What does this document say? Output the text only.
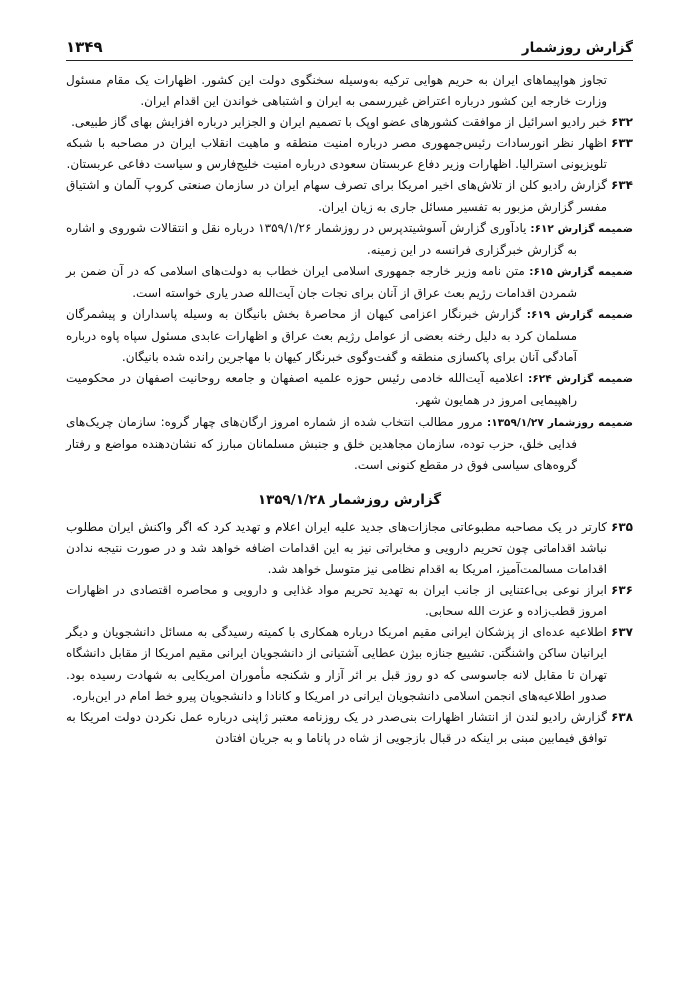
گزارش روزشمار
۱۳۴۹

تجاوز هواپیماهای ایران به حریم هوایی ترکیه به‌وسیله سخنگوی دولت این کشور. اظهارات یک مقام مسئول وزارت خارجه این کشور درباره اعتراض غیررسمی به ایران و اشتباهی خواندن این اقدام ایران.

۶۳۲
خبر رادیو اسرائیل از موافقت کشورهای عضو اوپک با تصمیم ایران و الجزایر درباره افزایش بهای گاز طبیعی.

۶۳۳
اظهار نظر انورسادات رئیس‌جمهوری مصر درباره امنیت منطقه و ماهیت انقلاب ایران در مصاحبه با شبکه تلویزیونی استرالیا. اظهارات وزیر دفاع عربستان سعودی درباره امنیت خلیج‌فارس و سیاست دفاعی عربستان.

۶۳۴
گزارش رادیو کلن از تلاش‌های اخیر امریکا برای تصرف سهام ایران در سازمان صنعتی کروپ آلمان و اشتیاق مفسر گزارش مزبور به تفسیر مسائل جاری به زیان ایران.

ضمیمه گزارش ۶۱۲: یادآوری گزارش آسوشیتدپرس در روزشمار ۱۳۵۹/۱/۲۶ درباره نقل و انتقالات شوروی و اشاره به گزارش خبرگزاری فرانسه در این زمینه.

ضمیمه گزارش ۶۱۵: متن نامه وزیر خارجه جمهوری اسلامی ایران خطاب به دولت‌های اسلامی که در آن ضمن بر شمردن اقدامات رژیم بعث عراق از آنان برای نجات جان آیت‌الله صدر یاری خواسته است.

ضمیمه گزارش ۶۱۹: گزارش خبرنگار اعزامی کیهان از محاصرهٔ بخش بانیگان به وسیله پاسداران و پیشمرگان مسلمان کرد به دلیل رخنه بعضی از عوامل رژیم بعث عراق و اظهارات عابدی مسئول سپاه پاوه درباره آمادگی آنان برای پاکسازی منطقه و گفت‌وگوی خبرنگار کیهان با مهاجرین رانده شده بانیگان.

ضمیمه گزارش ۶۲۴: اعلامیه آیت‌الله خادمی رئیس حوزه علمیه اصفهان و جامعه روحانیت اصفهان در محکومیت راهپیمایی امروز در همایون شهر.

ضمیمه روزشمار ۱۳۵۹/۱/۲۷: مرور مطالب انتخاب شده از شماره امروز ارگان‌های چهار گروه: سازمان چریک‌های فدایی خلق، حزب توده، سازمان مجاهدین خلق و جنبش مسلمانان مبارز که نشان‌دهنده مواضع و رفتار گروه‌های سیاسی فوق در مقطع کنونی است.

گزارش روزشمار ۱۳۵۹/۱/۲۸

۶۳۵
کارتر در یک مصاحبه مطبوعاتی مجازات‌های جدید علیه ایران اعلام و تهدید کرد که اگر واکنش ایران مطلوب نباشد اقداماتی چون تحریم دارویی و مخابراتی نیز به این اقدامات اضافه خواهد شد و در صورت نتیجه ندادن اقدامات مسالمت‌آمیز، امریکا به اقدام نظامی نیز متوسل خواهد شد.

۶۳۶
ابراز نوعی بی‌اعتنایی از جانب ایران به تهدید تحریم مواد غذایی و دارویی و محاصره اقتصادی در اظهارات امروز قطب‌زاده و عزت الله سحابی.

۶۳۷
اطلاعیه عده‌ای از پزشکان ایرانی مقیم امریکا درباره همکاری با کمیته رسیدگی به مسائل دانشجویان و دیگر ایرانیان ساکن واشنگتن. تشییع جنازه بیژن عطایی آشتیانی از دانشجویان ایرانی مقیم امریکا از مقابل دانشگاه تهران تا مقابل لانه جاسوسی که دو روز قبل بر اثر آزار و شکنجه مأموران امریکایی به شهادت رسیده بود. صدور اطلاعیه‌های انجمن اسلامی دانشجویان ایرانی در امریکا و کانادا و دانشجویان پیرو خط امام در این‌باره.

۶۳۸
گزارش رادیو لندن از انتشار اظهارات بنی‌صدر در یک روزنامه معتبر ژاپنی درباره عمل نکردن دولت امریکا به توافق فیمابین مبنی بر اینکه در قبال بازجویی از شاه در پاناما و به جریان افتادن
